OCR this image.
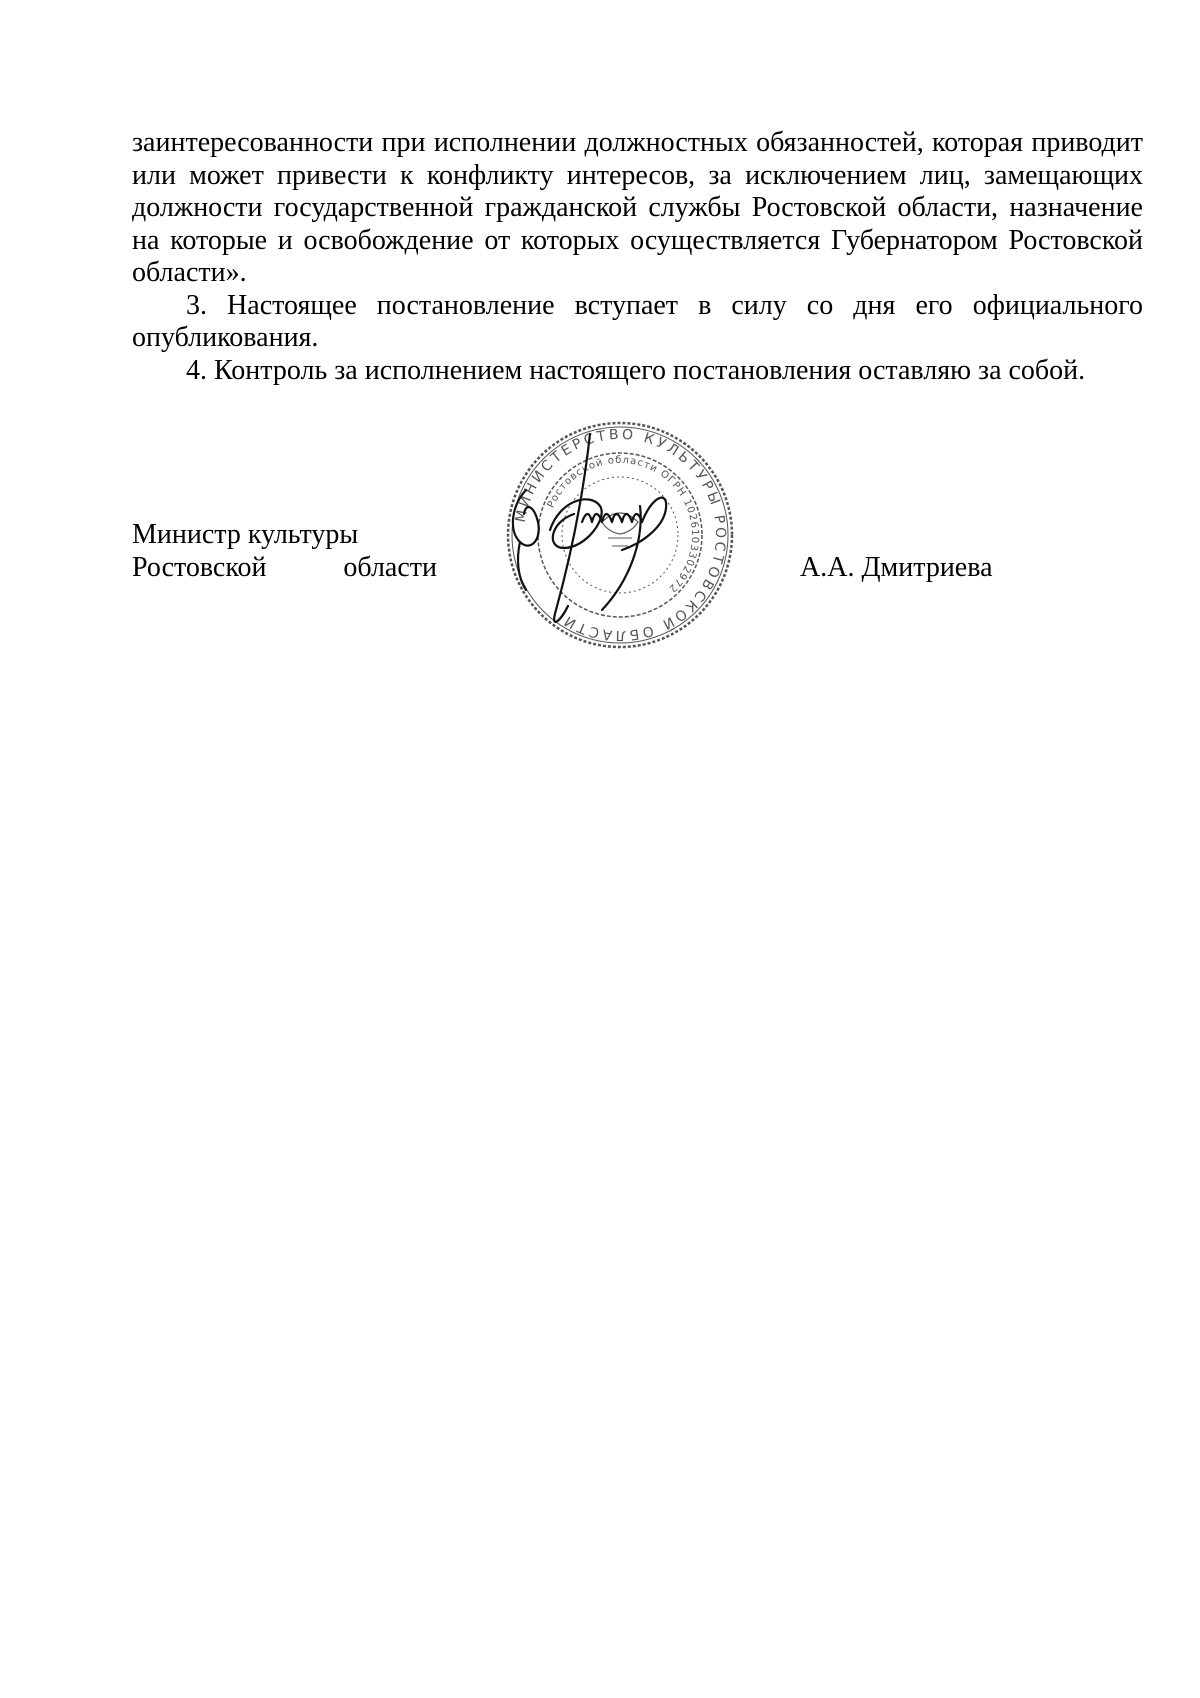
заинтересованности при исполнении должностных обязанностей, которая приводит или может привести к конфликту интересов, за исключением лиц, замещающих должности государственной гражданской службы Ростовской области, назначение на которые и освобождение от которых осуществляется Губернатором Ростовской области».

3. Настоящее постановление вступает в силу со дня его официального опубликования.

4. Контроль за исполнением настоящего постановления оставляю за собой.

Министр культуры
Ростовской области	А.А. Дмитриева
МИНИСТЕРСТВО КУЛЬТУРЫ РОСТОВСКОЙ ОБЛАСТИ
Ростовской области ОГРН 1026103302972
